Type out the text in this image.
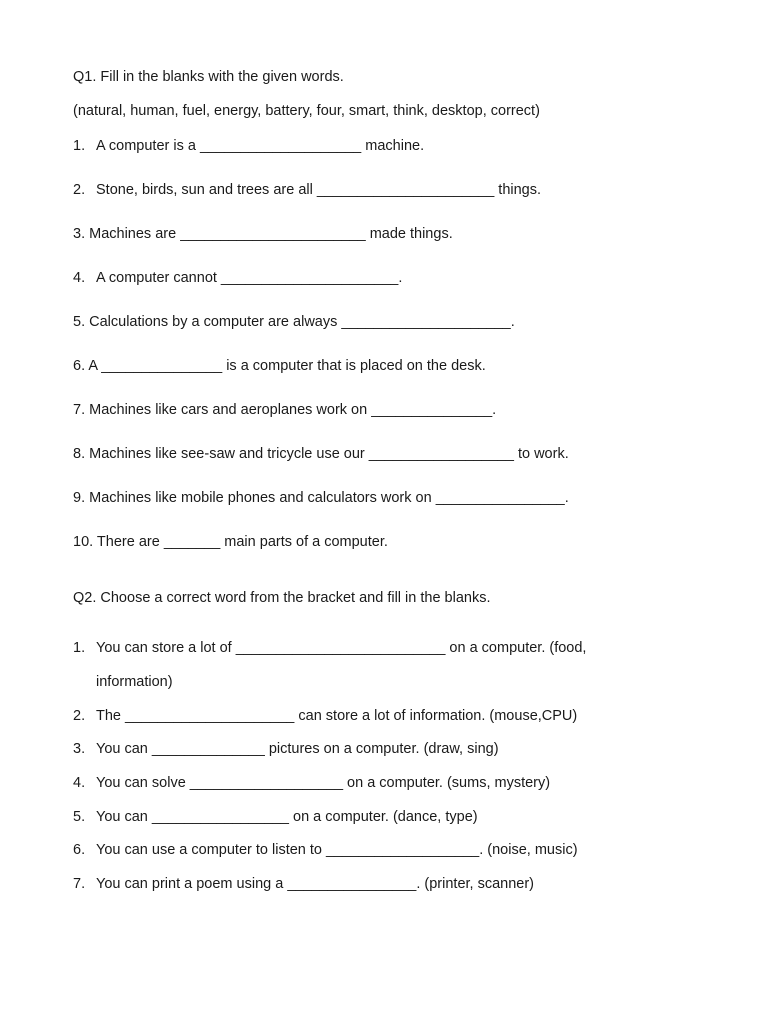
Q1. Fill in the blanks with the given words.
(natural, human, fuel, energy, battery, four, smart, think, desktop, correct)
1. A computer is a ____________________ machine.
2. Stone, birds, sun and trees are all ______________________ things.
3. Machines are _______________________ made things.
4. A computer cannot ______________________.
5. Calculations by a computer are always _____________________.
6. A _______________ is a computer that is placed on the desk.
7. Machines like cars and aeroplanes work on _______________.
8. Machines like see-saw and tricycle use our __________________ to work.
9. Machines like mobile phones and calculators work on ________________.
10. There are _______ main parts of a computer.
Q2. Choose a correct word from the bracket and fill in the blanks.
1. You can store a lot of __________________________ on a computer. (food,
information)
2. The _____________________ can store a lot of information. (mouse,CPU)
3. You can ______________ pictures on a computer. (draw, sing)
4. You can solve ___________________ on a computer. (sums, mystery)
5. You can _________________ on a computer. (dance, type)
6. You can use a computer to listen to ___________________. (noise, music)
7. You can print a poem using a ________________. (printer, scanner)
